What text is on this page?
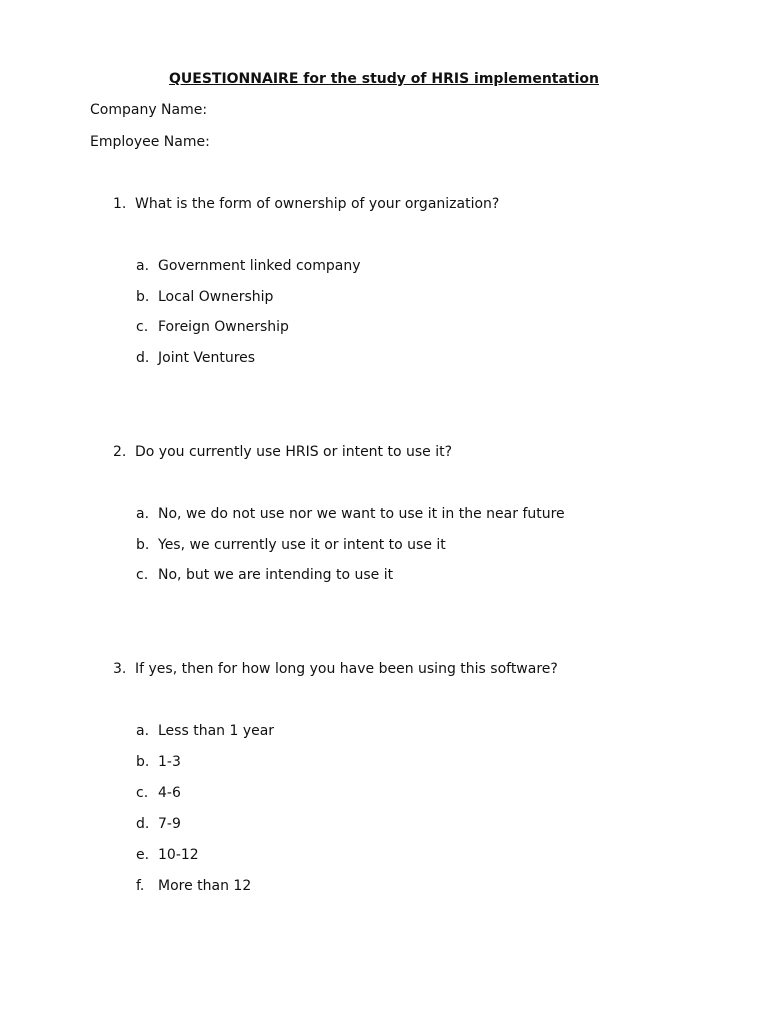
QUESTIONNAIRE for the study of HRIS implementation
Company Name:
Employee Name:
1. What is the form of ownership of your organization?
a. Government linked company
b. Local Ownership
c. Foreign Ownership
d. Joint Ventures
2. Do you currently use HRIS or intent to use it?
a. No, we do not use nor we want to use it in the near future
b. Yes, we currently use it or intent to use it
c. No, but we are intending to use it
3. If yes, then for how long you have been using this software?
a. Less than 1 year
b. 1-3
c. 4-6
d. 7-9
e. 10-12
f. More than 12
